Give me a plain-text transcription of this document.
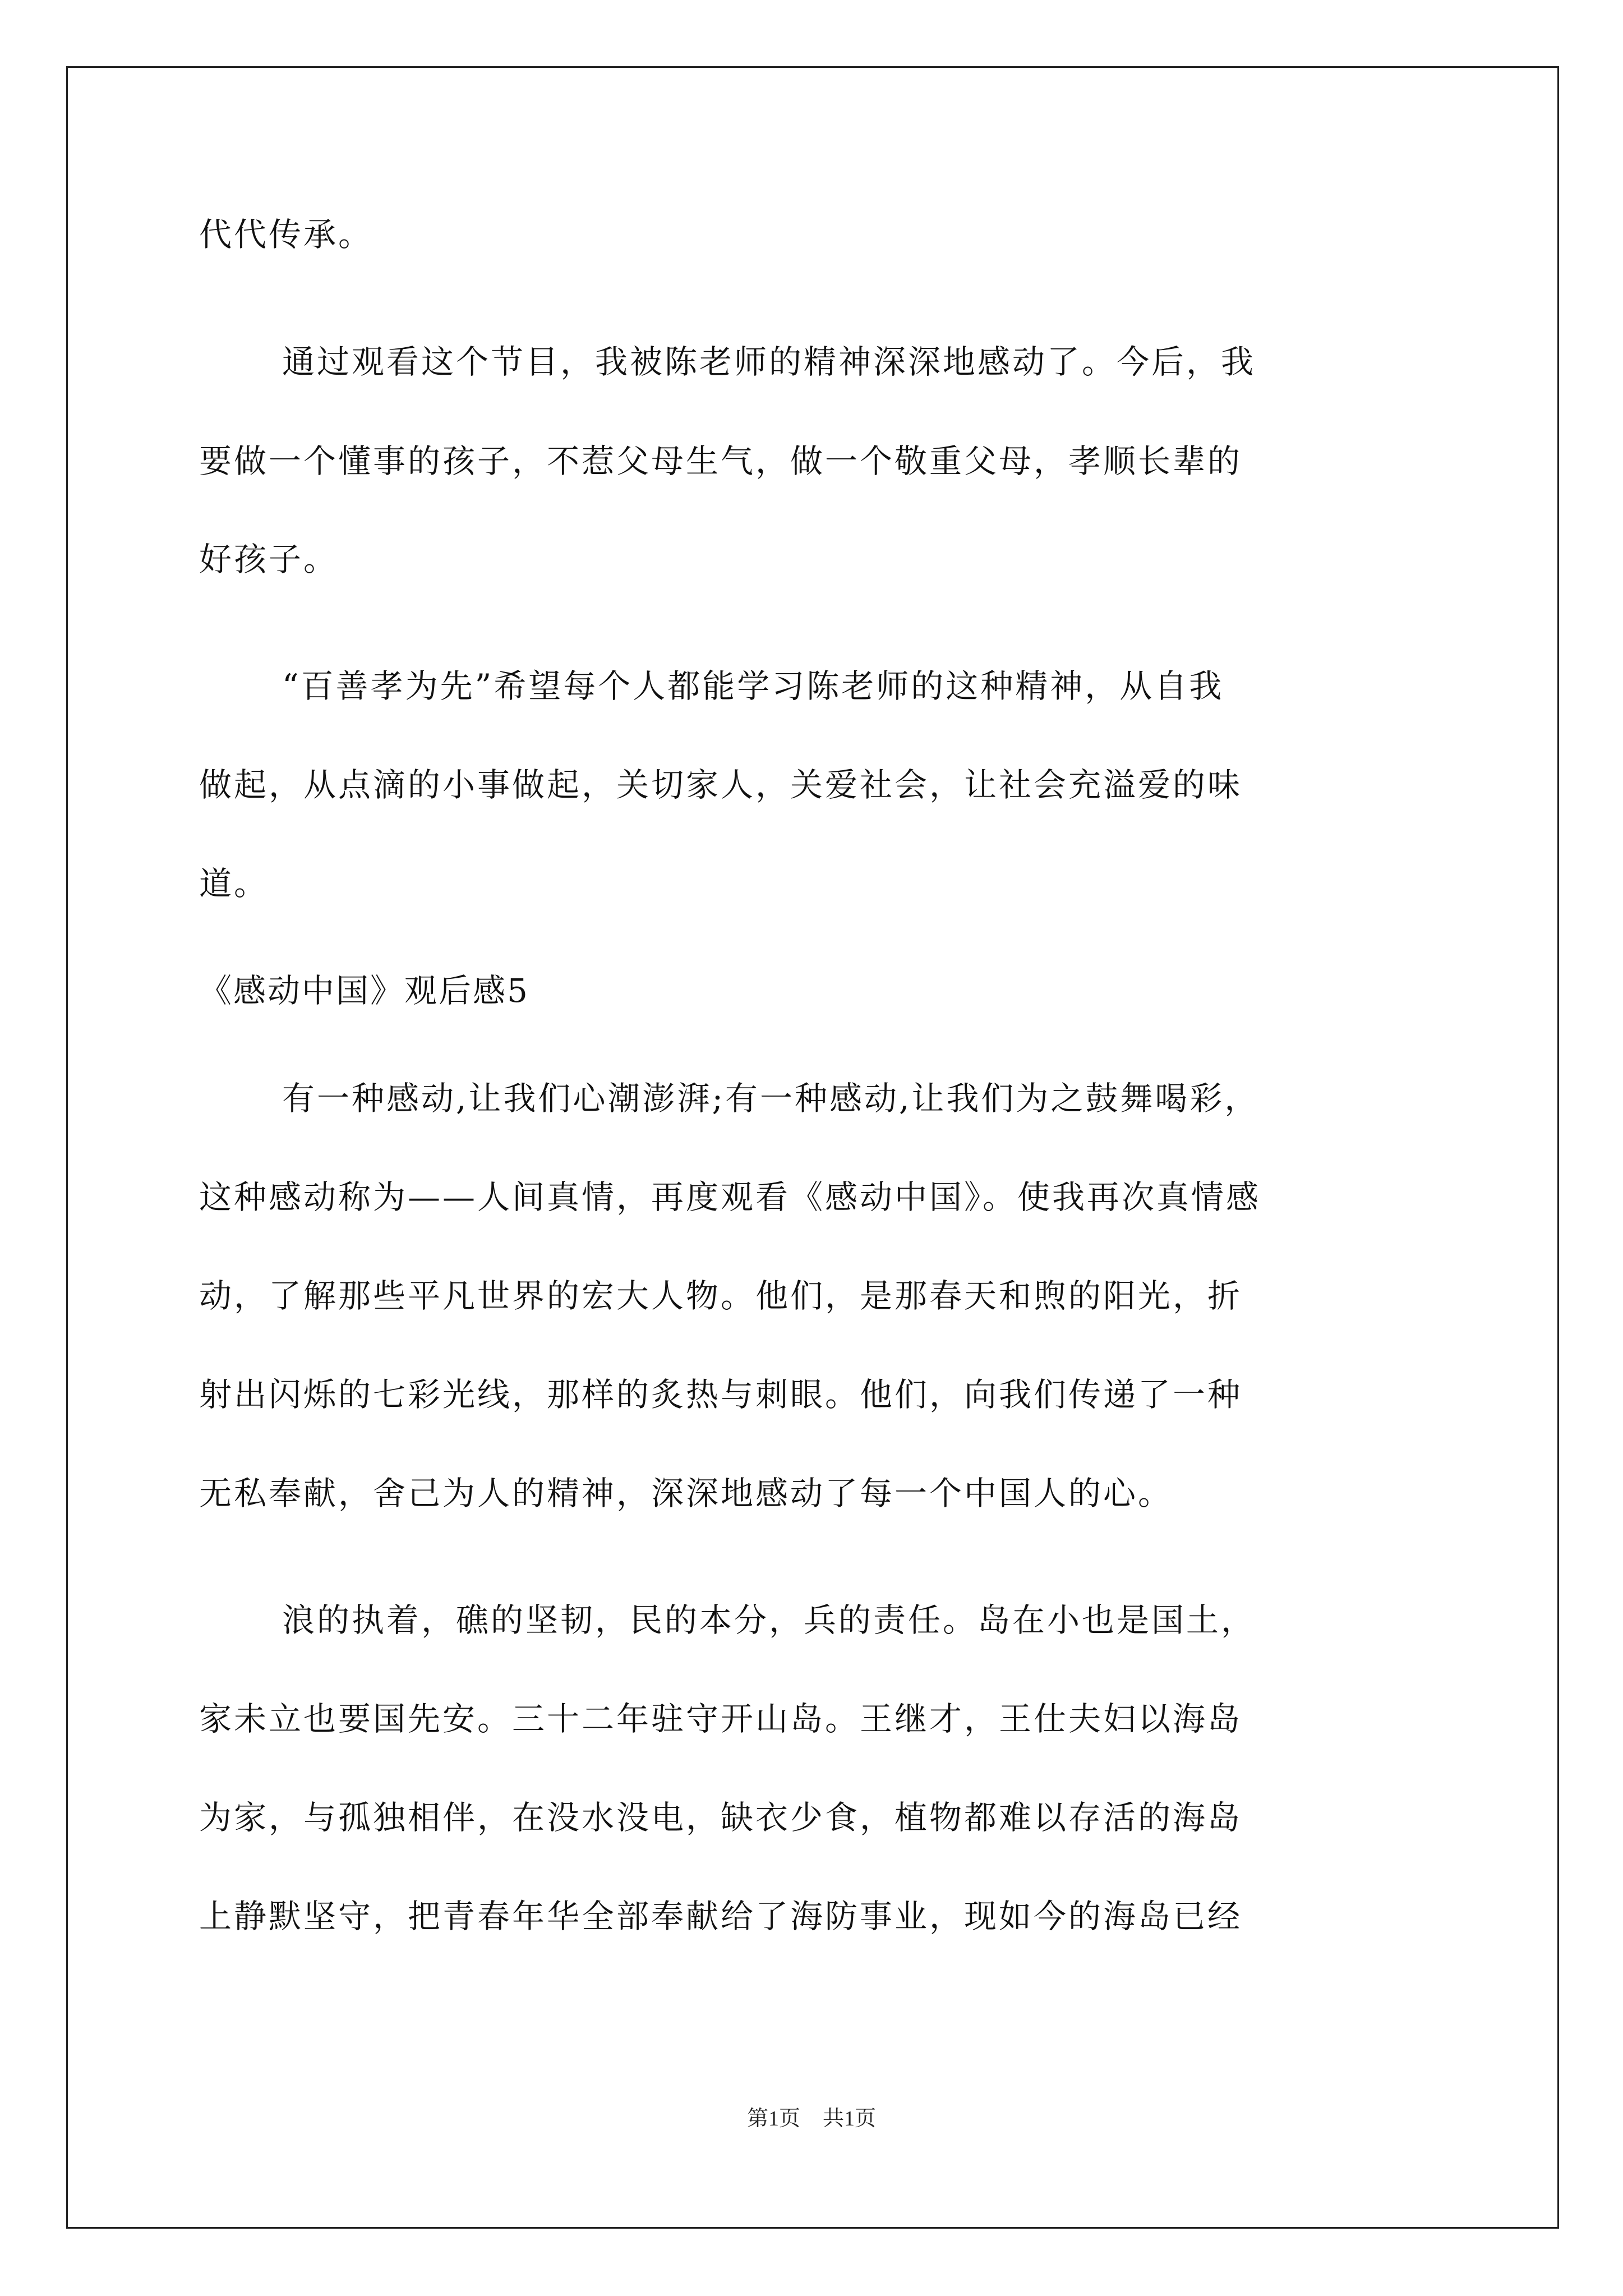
代代传承。
通过观看这个节目，我被陈老师的精神深深地感动了。今后，我
要做一个懂事的孩子，不惹父母生气，做一个敬重父母，孝顺长辈的
好孩子。
“百善孝为先”希望每个人都能学习陈老师的这种精神，从自我
做起，从点滴的小事做起，关切家人，关爱社会，让社会充溢爱的味
道。
《感动中国》观后感5
有一种感动,让我们心潮澎湃;有一种感动,让我们为之鼓舞喝彩，
这种感动称为——人间真情，再度观看《感动中国》。使我再次真情感
动，了解那些平凡世界的宏大人物。他们，是那春天和煦的阳光，折
射出闪烁的七彩光线，那样的炙热与刺眼。他们，向我们传递了一种
无私奉献，舍己为人的精神，深深地感动了每一个中国人的心。
浪的执着，礁的坚韧，民的本分，兵的责任。岛在小也是国土，
家未立也要国先安。三十二年驻守开山岛。王继才，王仕夫妇以海岛
为家，与孤独相伴，在没水没电，缺衣少食，植物都难以存活的海岛
上静默坚守，把青春年华全部奉献给了海防事业，现如今的海岛已经
第1页 共1页
